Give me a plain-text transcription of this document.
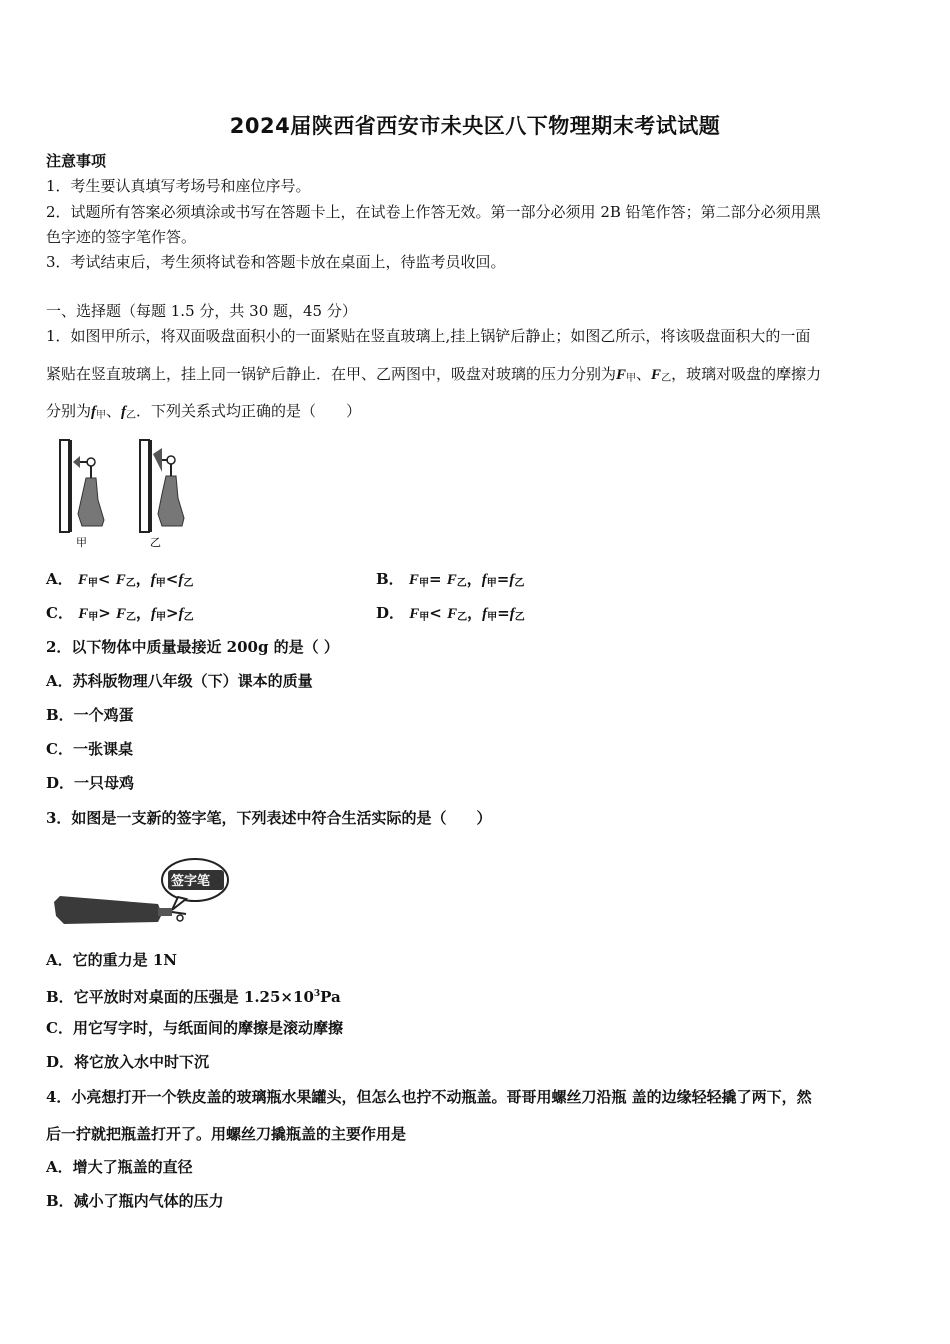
2024届陕西省西安市未央区八下物理期末考试试题
注意事项
1．考生要认真填写考场号和座位序号。
2．试题所有答案必须填涂或书写在答题卡上，在试卷上作答无效。第一部分必须用 2B 铅笔作答；第二部分必须用黑
色字迹的签字笔作答。
3．考试结束后，考生须将试卷和答题卡放在桌面上，待监考员收回。
一、选择题（每题 1.5 分，共 30 题，45 分）
1．如图甲所示，将双面吸盘面积小的一面紧贴在竖直玻璃上,挂上锅铲后静止；如图乙所示，将该吸盘面积大的一面
紧贴在竖直玻璃上，挂上同一锅铲后静止．在甲、乙两图中，吸盘对玻璃的压力分别为$F_甲$、$F_乙$，玻璃对吸盘的摩擦力
分别为$f_甲$、$f_乙$．下列关系式均正确的是（　　）
甲	乙
A． $F_甲< F_乙$，$f_甲<f_乙$	B． $F_甲= F_乙$，$f_甲=f_乙$
C． $F_甲> F_乙$，$f_甲>f_乙$	D． $F_甲< F_乙$，$f_甲=f_乙$
2．以下物体中质量最接近 200g 的是（ ）
A．苏科版物理八年级（下）课本的质量
B．一个鸡蛋
C．一张课桌
D．一只母鸡
3．如图是一支新的签字笔，下列表述中符合生活实际的是（　　）
签字笔
A．它的重力是 1N
B．它平放时对桌面的压强是 $1.25\times 10^3Pa$
C．用它写字时，与纸面间的摩擦是滚动摩擦
D．将它放入水中时下沉
4．小亮想打开一个铁皮盖的玻璃瓶水果罐头，但怎么也拧不动瓶盖。哥哥用螺丝刀沿瓶 盖的边缘轻轻撬了两下，然
后一拧就把瓶盖打开了。用螺丝刀撬瓶盖的主要作用是
A．增大了瓶盖的直径
B．减小了瓶内气体的压力
